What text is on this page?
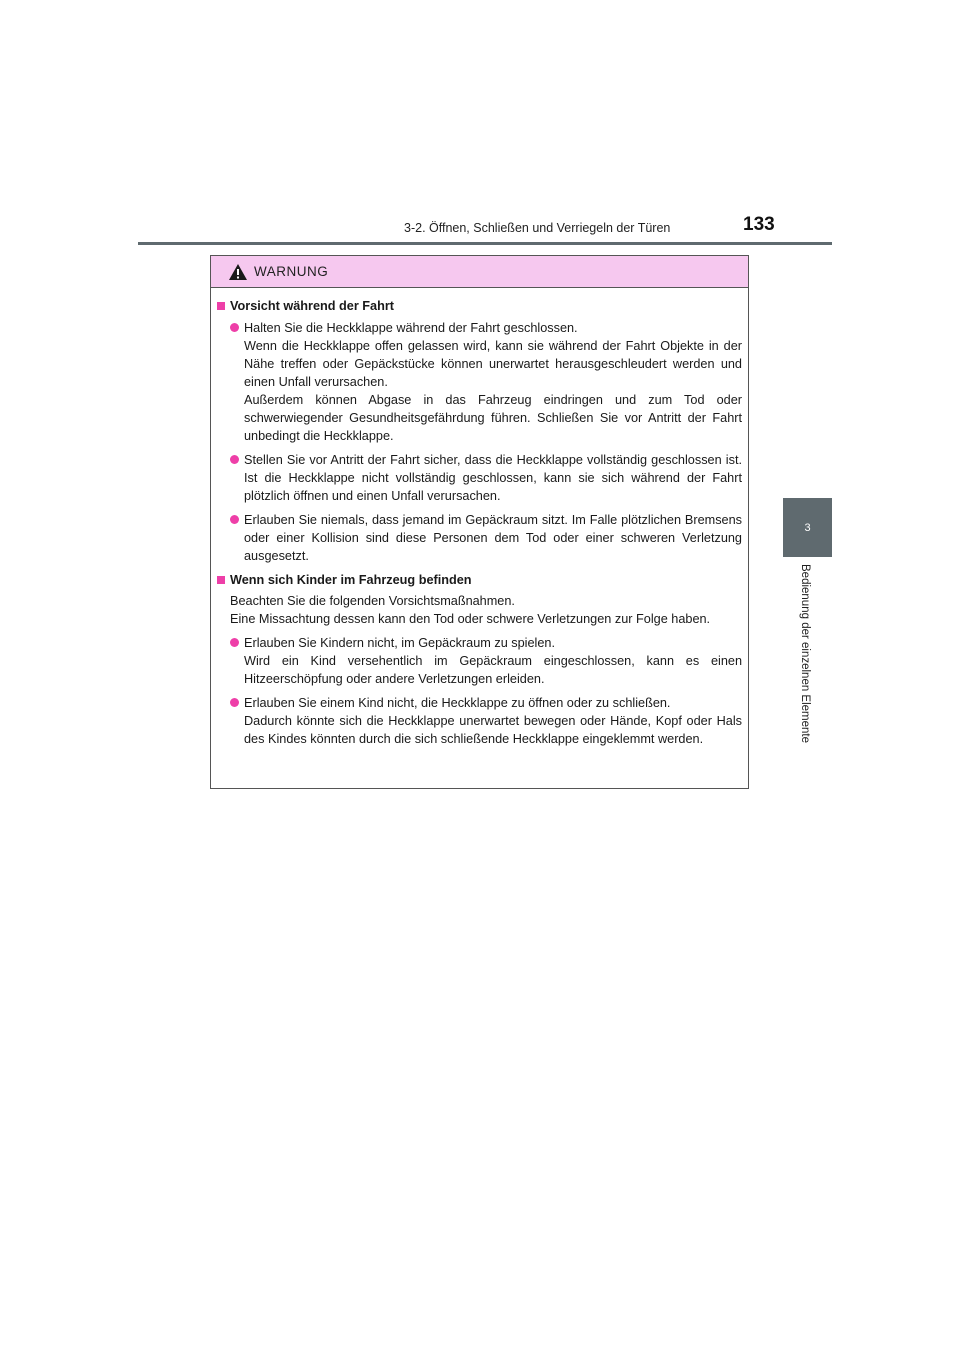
3-2. Öffnen, Schließen und Verriegeln der Türen	133
3
Bedienung der einzelnen Elemente
WARNUNG
Vorsicht während der Fahrt
Halten Sie die Heckklappe während der Fahrt geschlossen.
Wenn die Heckklappe offen gelassen wird, kann sie während der Fahrt Objekte in der Nähe treffen oder Gepäckstücke können unerwartet herausgeschleudert werden und einen Unfall verursachen.
Außerdem können Abgase in das Fahrzeug eindringen und zum Tod oder schwerwiegender Gesundheitsgefährdung führen. Schließen Sie vor Antritt der Fahrt unbedingt die Heckklappe.
Stellen Sie vor Antritt der Fahrt sicher, dass die Heckklappe vollständig geschlossen ist. Ist die Heckklappe nicht vollständig geschlossen, kann sie sich während der Fahrt plötzlich öffnen und einen Unfall verursachen.
Erlauben Sie niemals, dass jemand im Gepäckraum sitzt. Im Falle plötzlichen Bremsens oder einer Kollision sind diese Personen dem Tod oder einer schweren Verletzung ausgesetzt.
Wenn sich Kinder im Fahrzeug befinden
Beachten Sie die folgenden Vorsichtsmaßnahmen.
Eine Missachtung dessen kann den Tod oder schwere Verletzungen zur Folge haben.
Erlauben Sie Kindern nicht, im Gepäckraum zu spielen.
Wird ein Kind versehentlich im Gepäckraum eingeschlossen, kann es einen Hitzeerschöpfung oder andere Verletzungen erleiden.
Erlauben Sie einem Kind nicht, die Heckklappe zu öffnen oder zu schließen.
Dadurch könnte sich die Heckklappe unerwartet bewegen oder Hände, Kopf oder Hals des Kindes könnten durch die sich schließende Heckklappe eingeklemmt werden.
